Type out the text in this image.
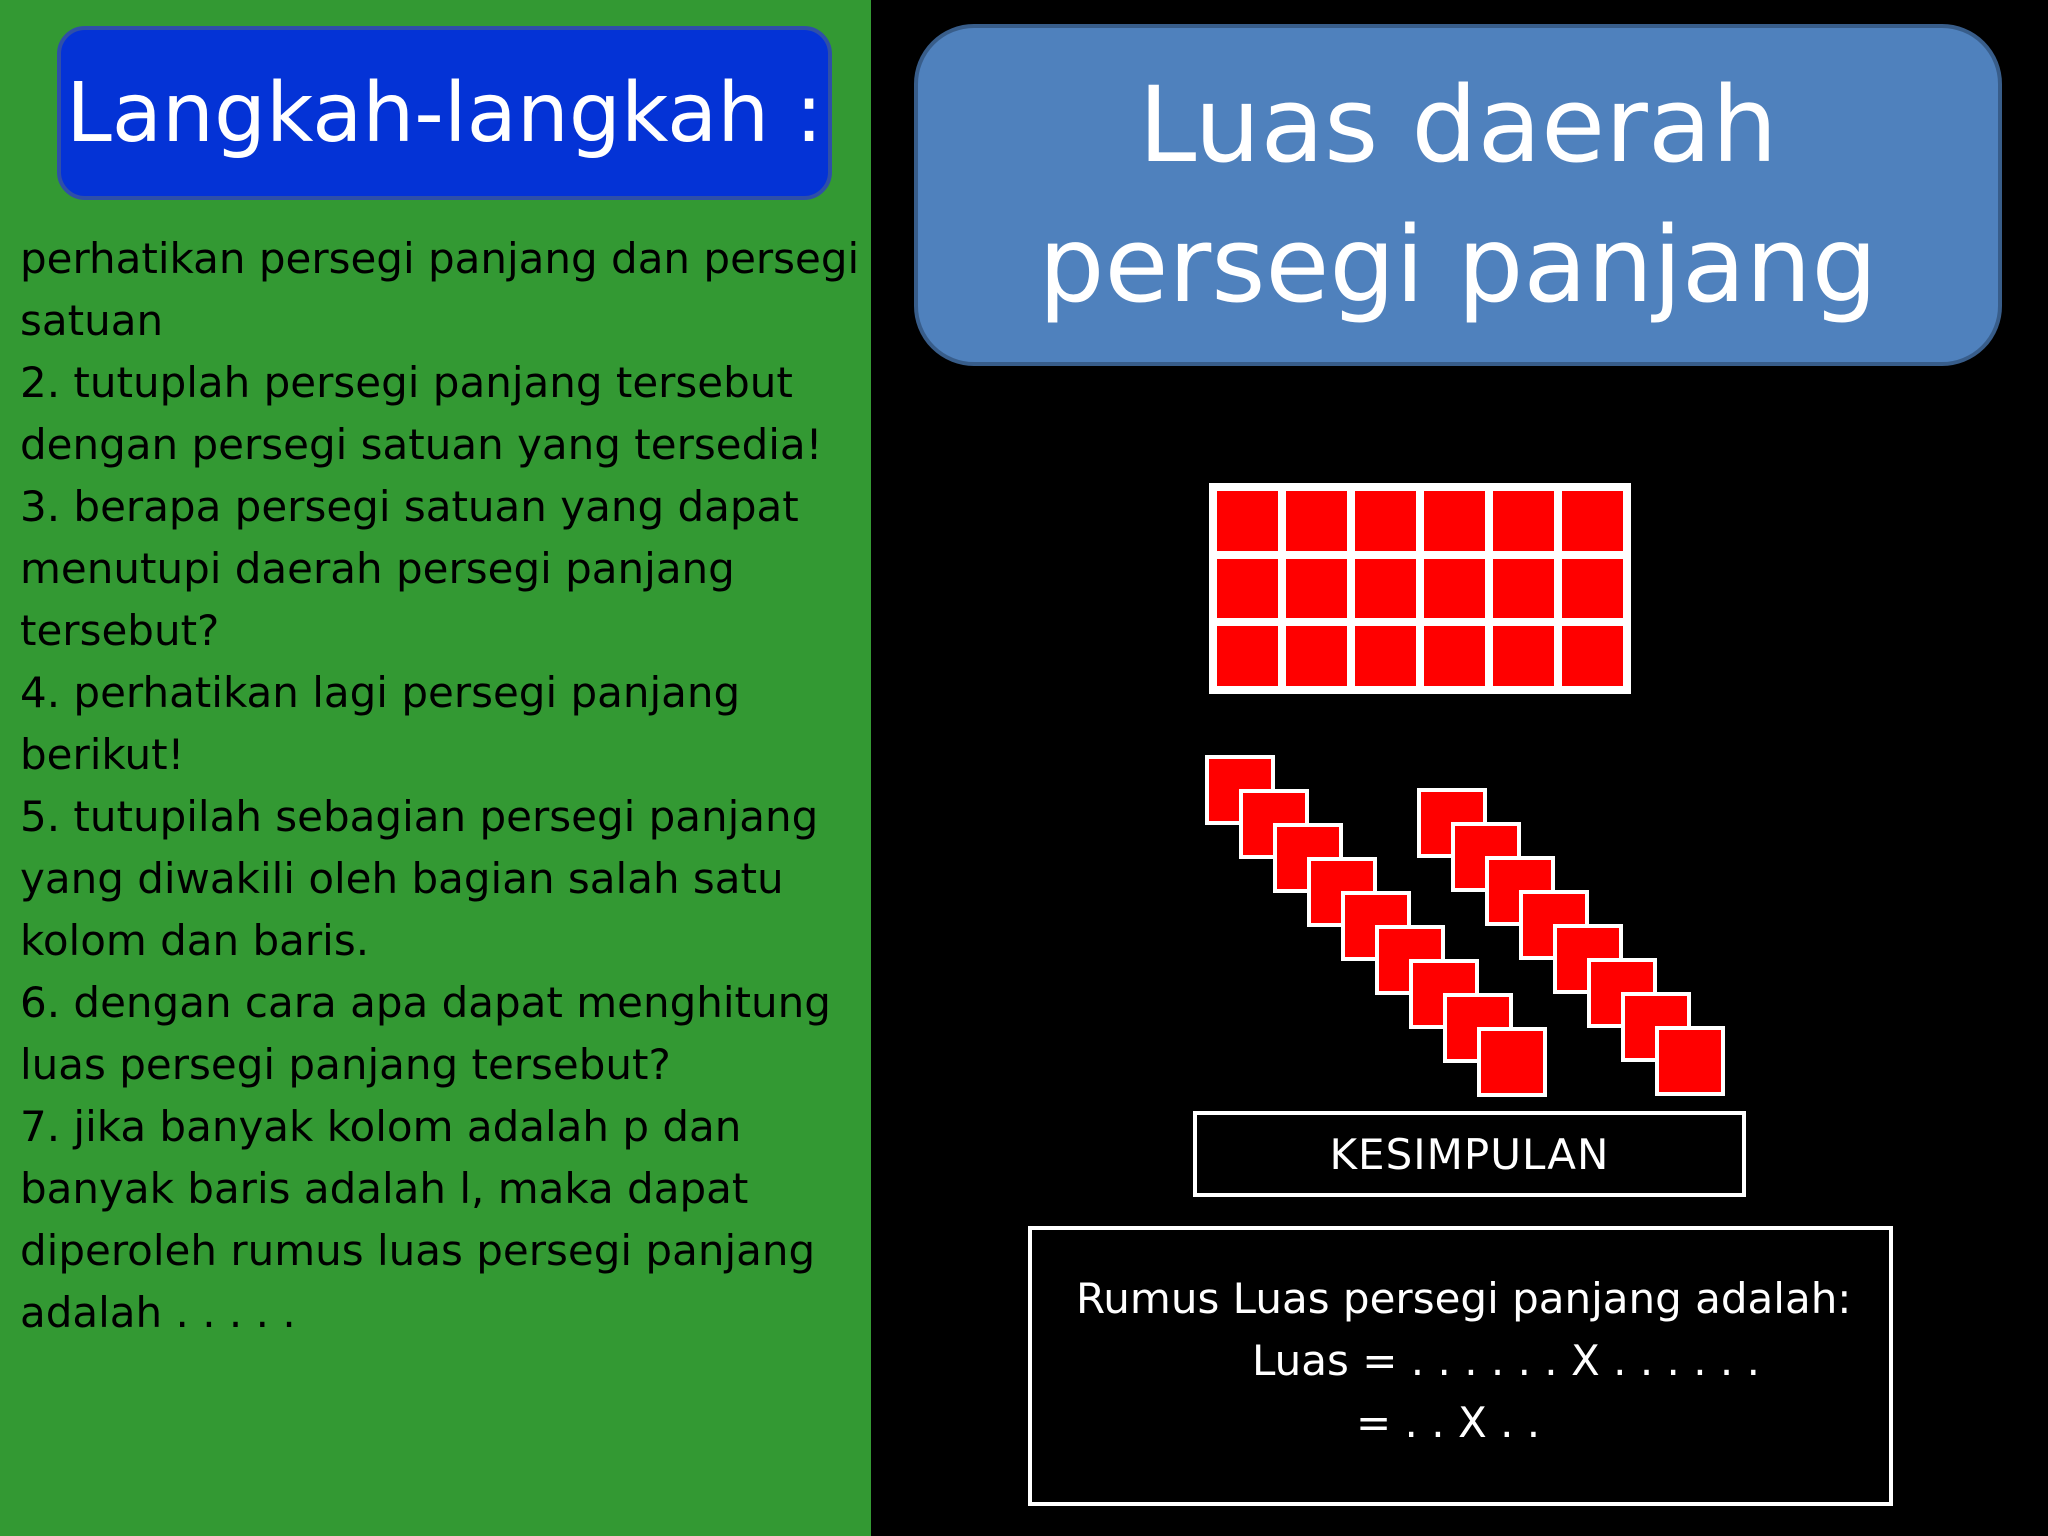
Langkah-langkah :
perhatikan persegi panjang dan persegi satuan
2. tutuplah persegi panjang tersebut dengan persegi satuan yang tersedia!
3. berapa persegi satuan yang dapat menutupi daerah persegi panjang tersebut?
4. perhatikan lagi persegi panjang berikut!
5. tutupilah sebagian persegi panjang yang diwakili oleh bagian salah satu kolom dan baris.
6. dengan cara apa dapat menghitung luas persegi panjang tersebut?
7. jika banyak kolom adalah p dan banyak baris adalah l, maka dapat diperoleh rumus luas persegi panjang adalah . . . . .
Luas daerah persegi panjang
KESIMPULAN
Rumus Luas persegi panjang adalah:
Luas = . . . . . . X . . . . . .
= . . X . .
